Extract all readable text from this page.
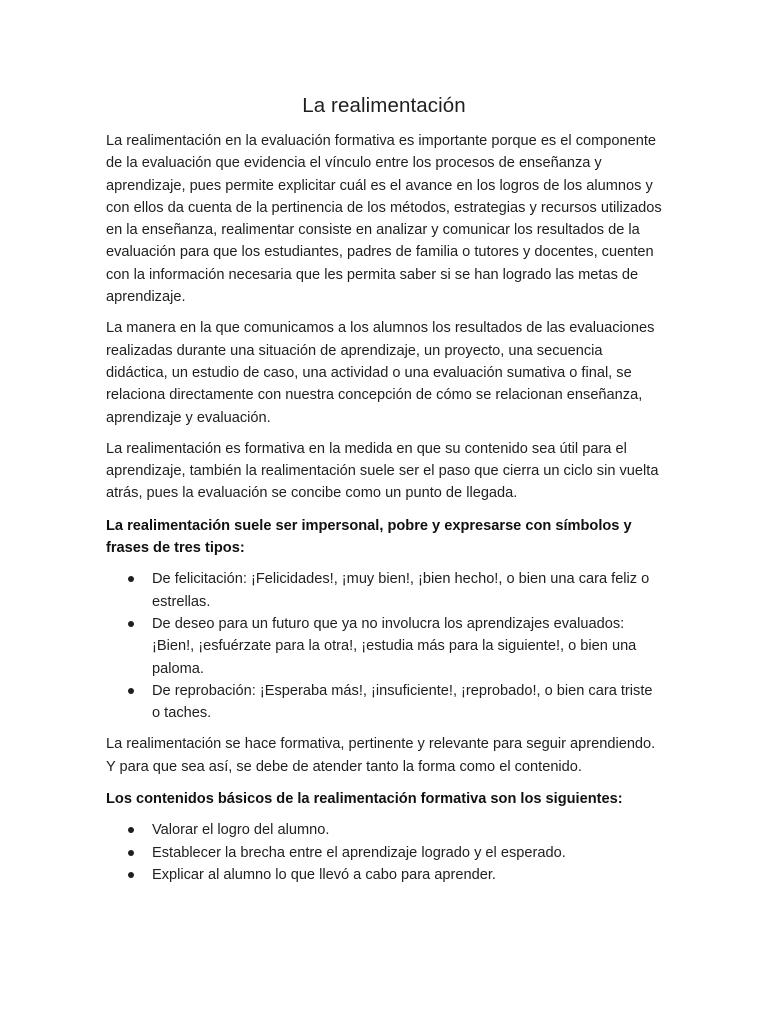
La realimentación

La realimentación en la evaluación formativa es importante porque es el componente de la evaluación que evidencia el vínculo entre los procesos de enseñanza y aprendizaje, pues permite explicitar cuál es el avance en los logros de los alumnos y con ellos da cuenta de la pertinencia de los métodos, estrategias y recursos utilizados en la enseñanza, realimentar consiste en analizar y comunicar los resultados de la evaluación para que los estudiantes, padres de familia o tutores y docentes, cuenten con la información necesaria que les permita saber si se han logrado las metas de aprendizaje.

La manera en la que comunicamos a los alumnos los resultados de las evaluaciones realizadas durante una situación de aprendizaje, un proyecto, una secuencia didáctica, un estudio de caso, una actividad o una evaluación sumativa o final, se relaciona directamente con nuestra concepción de cómo se relacionan enseñanza, aprendizaje y evaluación.

La realimentación es formativa en la medida en que su contenido sea útil para el aprendizaje, también la realimentación suele ser el paso que cierra un ciclo sin vuelta atrás, pues la evaluación se concibe como un punto de llegada.

La realimentación suele ser impersonal, pobre y expresarse con símbolos y frases de tres tipos:
De felicitación: ¡Felicidades!, ¡muy bien!, ¡bien hecho!, o bien una cara feliz o estrellas.
De deseo para un futuro que ya no involucra los aprendizajes evaluados: ¡Bien!, ¡esfuérzate para la otra!, ¡estudia más para la siguiente!, o bien una paloma.
De reprobación: ¡Esperaba más!, ¡insuficiente!, ¡reprobado!, o bien cara triste o taches.

La realimentación se hace formativa, pertinente y relevante para seguir aprendiendo. Y para que sea así, se debe de atender tanto la forma como el contenido.

Los contenidos básicos de la realimentación formativa son los siguientes:
Valorar el logro del alumno.
Establecer la brecha entre el aprendizaje logrado y el esperado.
Explicar al alumno lo que llevó a cabo para aprender.
